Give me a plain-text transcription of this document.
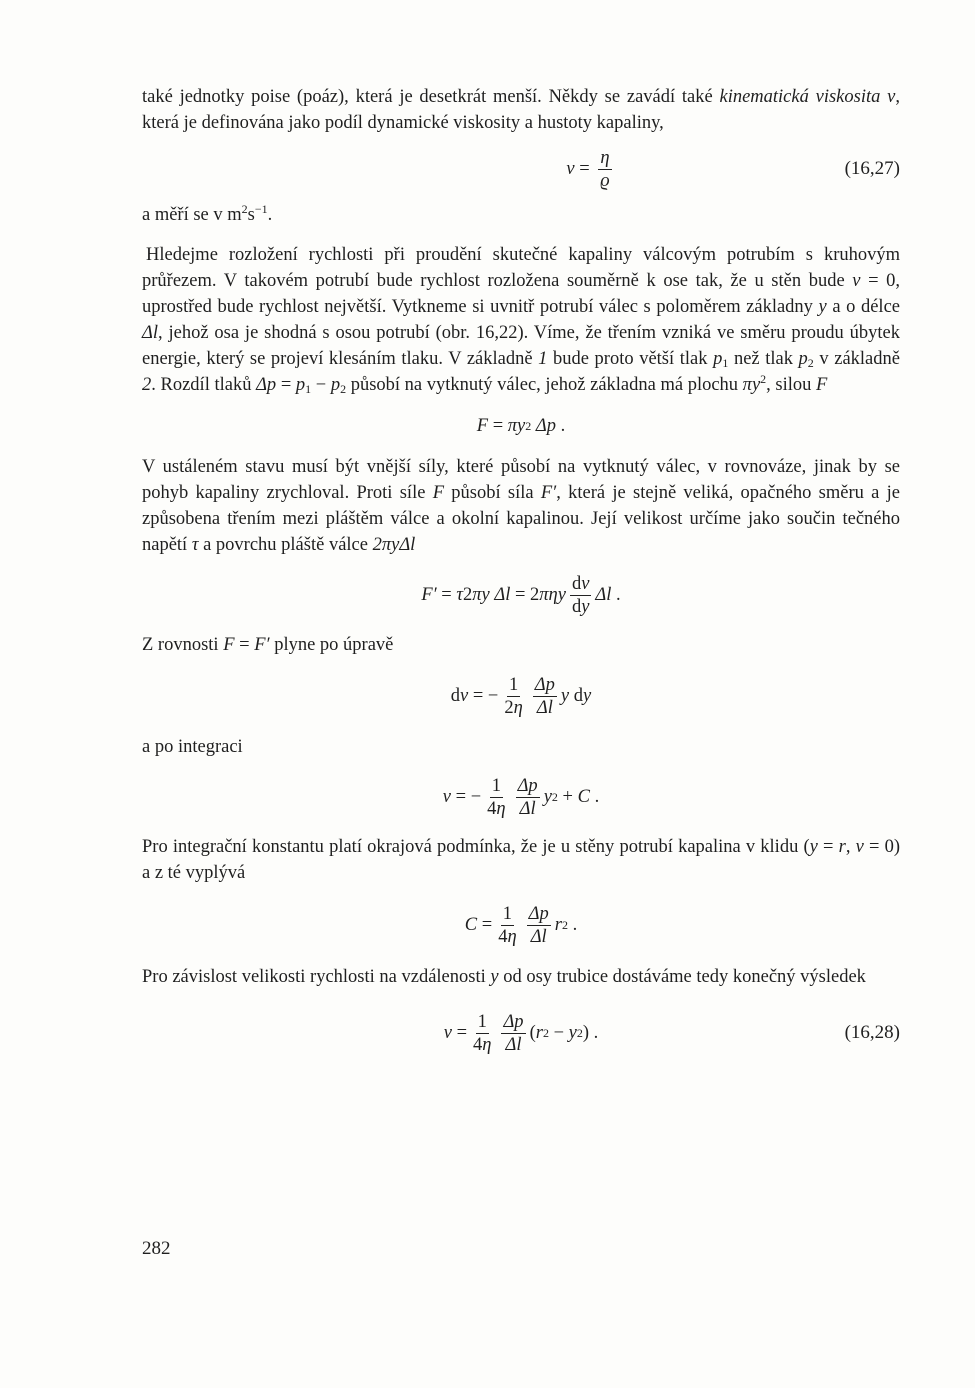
také jednotky poise (poáz), která je desetkrát menší. Někdy se zavádí také kinematická viskosita ν, která je definována jako podíl dynamické viskosity a hustoty kapaliny,

$\nu = \frac{\eta}{ϱ}$	(16,27)

a měří se v $m^2s^{-1}$.

Hledejme rozložení rychlosti při proudění skutečné kapaliny válcovým potrubím s kruhovým průřezem. V takovém potrubí bude rychlost rozložena souměrně k ose tak, že u stěn bude v = 0, uprostřed bude rychlost největší. Vytkneme si uvnitř potrubí válec s poloměrem základny y a o délce Δl, jehož osa je shodná s osou potrubí (obr. 16,22). Víme, že třením vzniká ve směru proudu úbytek energie, který se projeví klesáním tlaku. V základně 1 bude proto větší tlak $p_1$ než tlak $p_2$ v základně 2. Rozdíl tlaků $\Delta p = p_1 - p_2$ působí na vytknutý válec, jehož základna má plochu $\pi y^2$, silou F

F = πy 2
Δp .

V ustáleném stavu musí být vnější síly, které působí na vytknutý válec, v rovnováze, jinak by se pohyb kapaliny zrychloval. Proti síle F působí síla F′, která je stejně veliká, opačného směru a je způsobena třením mezi pláštěm válce a okolní kapalinou. Její velikost určíme jako součin tečného napětí τ a povrchu pláště válce 2πyΔl

F′ = τ 2 πy
Δl = 2 πηy $\frac{dv}{dy}$ Δl .

Z rovnosti F = F′ plyne po úpravě

d v = − $\frac{1}{2\eta} \frac{\Delta p}{\Delta l}$ y d y

a po integraci

v = − $\frac{1}{4\eta} \frac{\Delta p}{\Delta l}$ y 2 + C .

Pro integrační konstantu platí okrajová podmínka, že je u stěny potrubí kapalina v klidu (y = r, v = 0) a z té vyplývá

$C = \frac{1}{4\eta} \frac{\Delta p}{\Delta l}$ r 2 .

Pro závislost velikosti rychlosti na vzdálenosti y od osy trubice dostáváme tedy konečný výsledek

$v = \frac{1}{4\eta} \frac{\Delta p}{\Delta l}$ ( r 2 − y 2 ) .	(16,28)
282
